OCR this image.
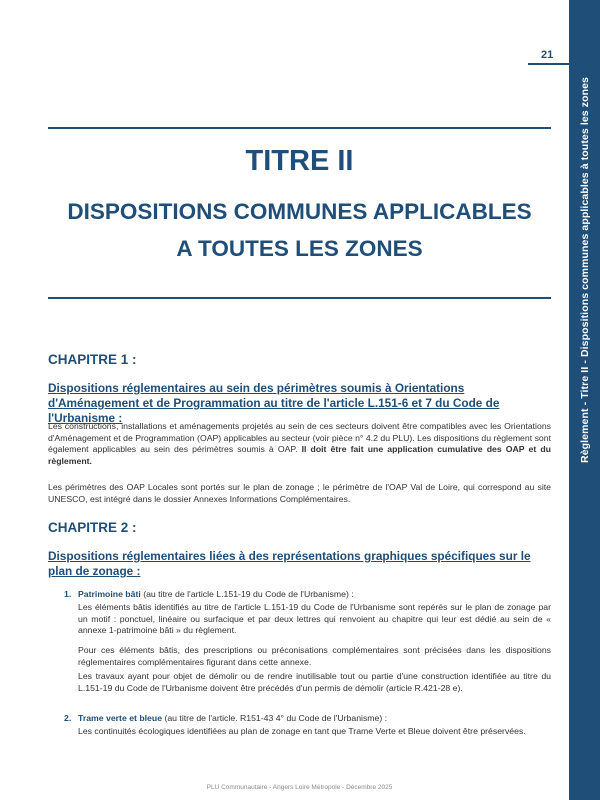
Règlement - Titre II - Dispositions communes applicables à toutes les zones
21
TITRE II
DISPOSITIONS COMMUNES APPLICABLES
A TOUTES LES ZONES
CHAPITRE 1 :
Dispositions réglementaires au sein des périmètres soumis à Orientations d'Aménagement et de Programmation au titre de l'article L.151-6 et 7 du Code de l'Urbanisme :
Les constructions, installations et aménagements projetés au sein de ces secteurs doivent être compatibles avec les Orientations d'Aménagement et de Programmation (OAP) applicables au secteur (voir pièce n° 4.2 du PLU). Les dispositions du règlement sont également applicables au sein des périmètres soumis à OAP. Il doit être fait une application cumulative des OAP et du règlement.
Les périmètres des OAP Locales sont portés sur le plan de zonage ; le périmètre de l'OAP Val de Loire, qui correspond au site UNESCO, est intégré dans le dossier Annexes Informations Complémentaires.
CHAPITRE 2 :
Dispositions réglementaires liées à des représentations graphiques spécifiques sur le plan de zonage :
1. Patrimoine bâti (au titre de l'article L.151-19 du Code de l'Urbanisme) :
Les éléments bâtis identifiés au titre de l'article L.151-19 du Code de l'Urbanisme sont repérés sur le plan de zonage par un motif : ponctuel, linéaire ou surfacique et par deux lettres qui renvoient au chapitre qui leur est dédié au sein de « annexe 1-patrimoine bâti » du règlement.
Pour ces éléments bâtis, des prescriptions ou préconisations complémentaires sont précisées dans les dispositions réglementaires complémentaires figurant dans cette annexe.
Les travaux ayant pour objet de démolir ou de rendre inutilisable tout ou partie d'une construction identifiée au titre du L.151-19 du Code de l'Urbanisme doivent être précédés d'un permis de démolir (article R.421-28 e).
2. Trame verte et bleue (au titre de l'article. R151-43 4° du Code de l'Urbanisme) :
Les continuités écologiques identifiées au plan de zonage en tant que Trame Verte et Bleue doivent être préservées.
PLU Communautaire - Angers Loire Métropole - Décembre 2025
